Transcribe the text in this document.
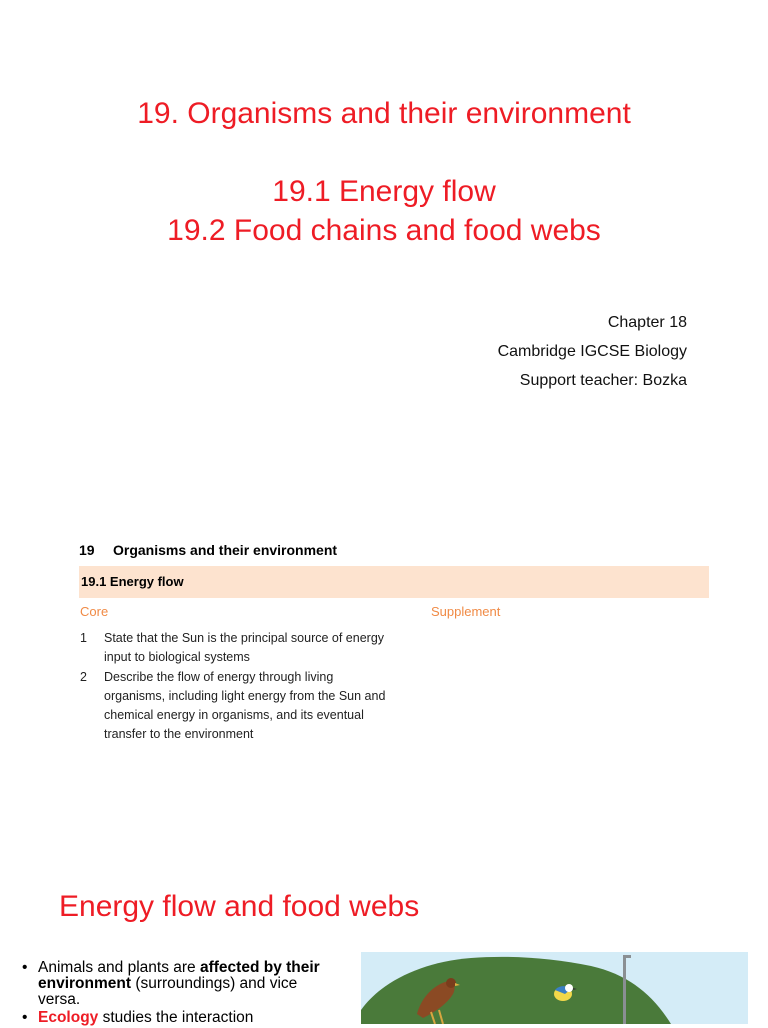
19. Organisms and their environment
19.1 Energy flow
19.2 Food chains and food webs
Chapter 18
Cambridge IGCSE Biology
Support teacher: Bozka
19 Organisms and their environment
19.1 Energy flow
Core	Supplement
1 State that the Sun is the principal source of energy input to biological systems
2 Describe the flow of energy through living organisms, including light energy from the Sun and chemical energy in organisms, and its eventual transfer to the environment
Energy flow and food webs
• Animals and plants are affected by their environment (surroundings) and vice versa.
• Ecology studies the interaction
